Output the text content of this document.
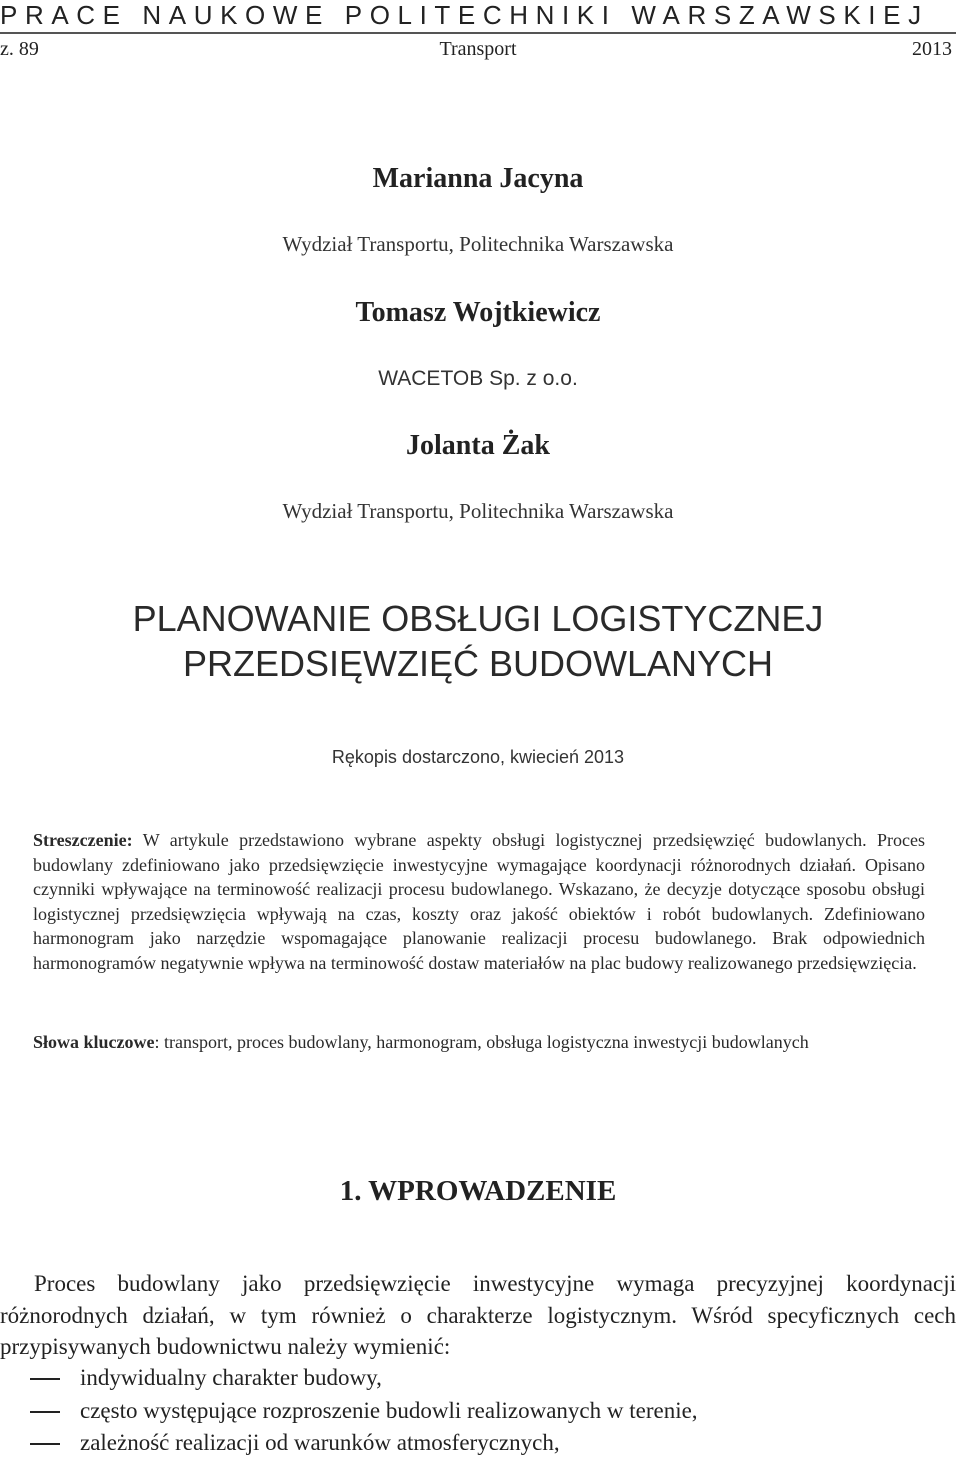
PRACE NAUKOWE POLITECHNIKI WARSZAWSKIEJ
Transport
z. 89	2013
Marianna Jacyna
Wydział Transportu, Politechnika Warszawska
Tomasz Wojtkiewicz
WACETOB Sp. z o.o.
Jolanta Żak
Wydział Transportu, Politechnika Warszawska
PLANOWANIE OBSŁUGI LOGISTYCZNEJ
PRZEDSIĘWZIĘĆ BUDOWLANYCH
Rękopis dostarczono, kwiecień 2013
Streszczenie: W artykule przedstawiono wybrane aspekty obsługi logistycznej przedsięwzięć budowlanych. Proces budowlany zdefiniowano jako przedsięwzięcie inwestycyjne wymagające koordynacji różnorodnych działań. Opisano czynniki wpływające na terminowość realizacji procesu budowlanego. Wskazano, że decyzje dotyczące sposobu obsługi logistycznej przedsięwzięcia wpływają na czas, koszty oraz jakość obiektów i robót budowlanych. Zdefiniowano harmonogram jako narzędzie wspomagające planowanie realizacji procesu budowlanego. Brak odpowiednich harmonogramów negatywnie wpływa na terminowość dostaw materiałów na plac budowy realizowanego przedsięwzięcia.
Słowa kluczowe: transport, proces budowlany, harmonogram, obsługa logistyczna inwestycji budowlanych
1. WPROWADZENIE
Proces budowlany jako przedsięwzięcie inwestycyjne wymaga precyzyjnej koordynacji różnorodnych działań, w tym również o charakterze logistycznym. Wśród specyficznych cech przypisywanych budownictwu należy wymienić:
indywidualny charakter budowy,
często występujące rozproszenie budowli realizowanych w terenie,
zależność realizacji od warunków atmosferycznych,
